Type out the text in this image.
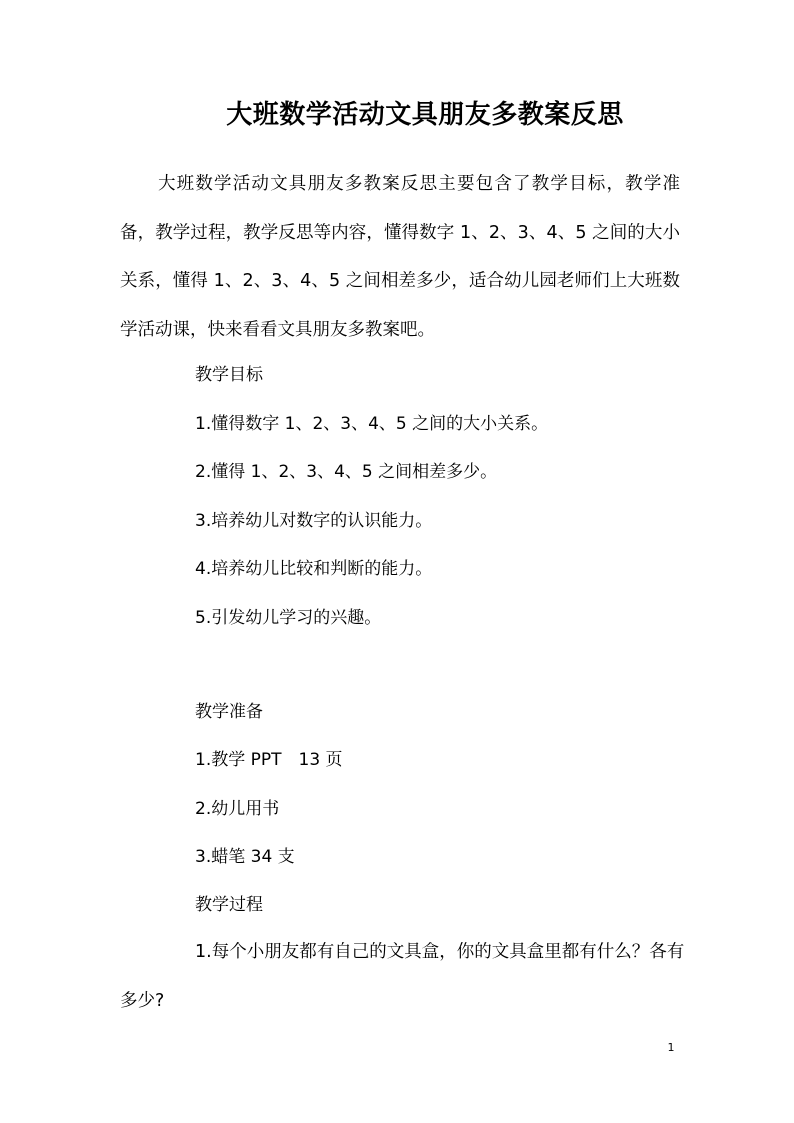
大班数学活动文具朋友多教案反思

大班数学活动文具朋友多教案反思主要包含了教学目标，教学准备，教学过程，教学反思等内容，懂得数字 1、2、3、4、5 之间的大小关系，懂得 1、2、3、4、5 之间相差多少，适合幼儿园老师们上大班数学活动课，快来看看文具朋友多教案吧。

教学目标
1.懂得数字 1、2、3、4、5 之间的大小关系。
2.懂得 1、2、3、4、5 之间相差多少。
3.培养幼儿对数字的认识能力。
4.培养幼儿比较和判断的能力。
5.引发幼儿学习的兴趣。
教学准备
1.教学 PPT　13 页
2.幼儿用书
3.蜡笔 34 支
教学过程

1.每个小朋友都有自己的文具盒，你的文具盒里都有什么？各有多少?

1
